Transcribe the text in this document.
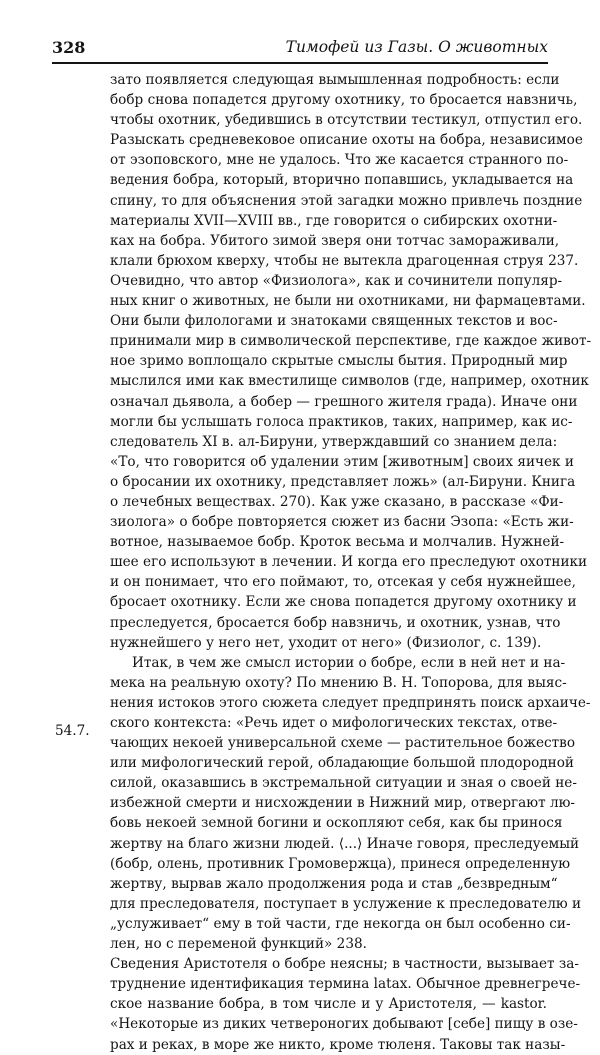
328	Тимофей из Газы. О животных
зато появляется следующая вымышленная подробность: если
бобр снова попадется другому охотнику, то бросается навзничь,
чтобы охотник, убедившись в отсутствии тестикул, отпустил его.
Разыскать средневековое описание охоты на бобра, независимое
от эзоповского, мне не удалось. Что же касается странного по-
ведения бобра, который, вторично попавшись, укладывается на
спину, то для объяснения этой загадки можно привлечь поздние
материалы XVII—XVIII вв., где говорится о сибирских охотни-
ках на бобра. Убитого зимой зверя они тотчас замораживали,
клали брюхом кверху, чтобы не вытекла драгоценная струя 237.
Очевидно, что автор «Физиолога», как и сочинители популяр-
ных книг о животных, не были ни охотниками, ни фармацевтами.
Они были филологами и знатоками священных текстов и вос-
принимали мир в символической перспективе, где каждое живот-
ное зримо воплощало скрытые смыслы бытия. Природный мир
мыслился ими как вместилище символов (где, например, охотник
означал дьявола, а бобер — грешного жителя града). Иначе они
могли бы услышать голоса практиков, таких, например, как ис-
следователь XI в. ал-Бируни, утверждавший со знанием дела:
«То, что говорится об удалении этим [животным] своих яичек и
о бросании их охотнику, представляет ложь» (ал-Бируни. Книга
о лечебных веществах. 270). Как уже сказано, в рассказе «Фи-
зиолога» о бобре повторяется сюжет из басни Эзопа: «Есть жи-
вотное, называемое бобр. Кроток весьма и молчалив. Нужней-
шее его используют в лечении. И когда его преследуют охотники
и он понимает, что его поймают, то, отсекая у себя нужнейшее,
бросает охотнику. Если же снова попадется другому охотнику и
преследуется, бросается бобр навзничь, и охотник, узнав, что
нужнейшего у него нет, уходит от него» (Физиолог, с. 139).
Итак, в чем же смысл истории о бобре, если в ней нет и на-
мека на реальную охоту? По мнению В. Н. Топорова, для выяс-
нения истоков этого сюжета следует предпринять поиск архаиче-
ского контекста: «Речь идет о мифологических текстах, отве-
чающих некоей универсальной схеме — растительное божество
или мифологический герой, обладающие большой плодородной
силой, оказавшись в экстремальной ситуации и зная о своей не-
избежной смерти и нисхождении в Нижний мир, отвергают лю-
бовь некоей земной богини и оскопляют себя, как бы принося
жертву на благо жизни людей. ⟨...⟩ Иначе говоря, преследуемый
(бобр, олень, противник Громовержца), принеся определенную
жертву, вырвав жало продолжения рода и став „безвредным“
для преследователя, поступает в услужение к преследователю и
„услуживает“ ему в той части, где некогда он был особенно си-
лен, но с переменой функций» 238.
Сведения Аристотеля о бобре неясны; в частности, вызывает за-
труднение идентификация термина latax. Обычное древнегрече-
ское название бобра, в том числе и у Аристотеля, — kastor.
«Некоторые из диких четвероногих добывают [себе] пищу в озе-
рах и реках, в море же никто, кроме тюленя. Таковы так назы-
54.7.
